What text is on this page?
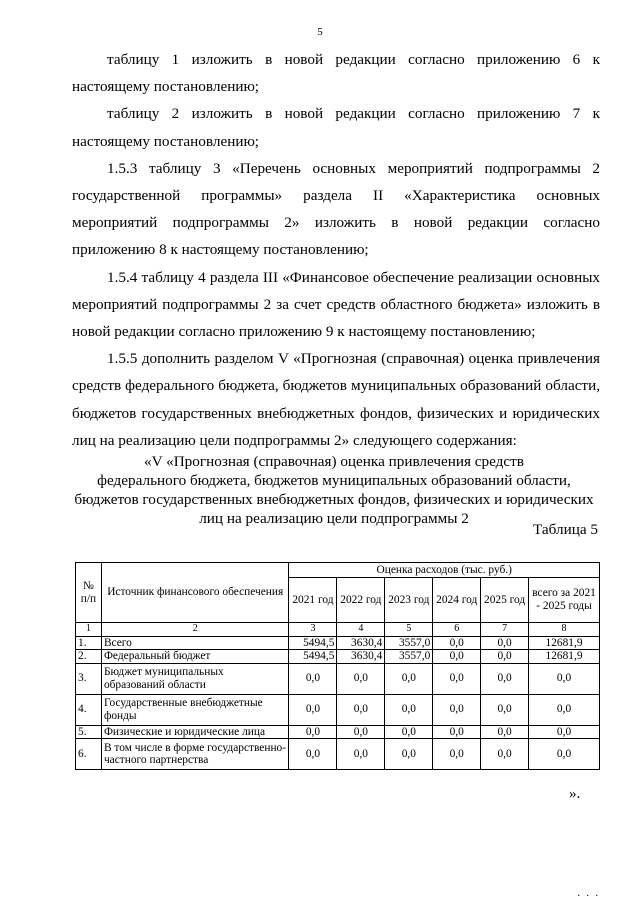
5

таблицу 1 изложить в новой редакции согласно приложению 6 к настоящему постановлению;

таблицу 2 изложить в новой редакции согласно приложению 7 к настоящему постановлению;

1.5.3 таблицу 3 «Перечень основных мероприятий подпрограммы 2 государственной программы» раздела II «Характеристика основных мероприятий подпрограммы 2» изложить в новой редакции согласно приложению 8 к настоящему постановлению;

1.5.4 таблицу 4 раздела III «Финансовое обеспечение реализации основных мероприятий подпрограммы 2 за счет средств областного бюджета» изложить в новой редакции согласно приложению 9 к настоящему постановлению;

1.5.5 дополнить разделом V «Прогнозная (справочная) оценка привлечения средств федерального бюджета, бюджетов муниципальных образований области, бюджетов государственных внебюджетных фондов, физических и юридических лиц на реализацию цели подпрограммы 2» следующего содержания:

«V «Прогнозная (справочная) оценка привлечения средств
федерального бюджета, бюджетов муниципальных образований области,
бюджетов государственных внебюджетных фондов, физических и юридических
лиц на реализацию цели подпрограммы 2
Таблица 5
№ п/п	Источник финансового обеспечения	Оценка расходов (тыс. руб.)					
		2021 год	2022 год	2023 год	2024 год	2025 год	всего за 2021 - 2025 годы
1	2	3	4	5	6	7	8
1.	Всего	5494,5	3630,4	3557,0	0,0	0,0	12681,9
2.	Федеральный бюджет	5494,5	3630,4	3557,0	0,0	0,0	12681,9
3.	Бюджет муниципальных образований области	0,0	0,0	0,0	0,0	0,0	0,0
4.	Государственные внебюджетные фонды	0,0	0,0	0,0	0,0	0,0	0,0
5.	Физические и юридические лица	0,0	0,0	0,0	0,0	0,0	0,0
6.	В том числе в форме государственно-частного партнерства	0,0	0,0	0,0	0,0	0,0	0,0
».
. . .
